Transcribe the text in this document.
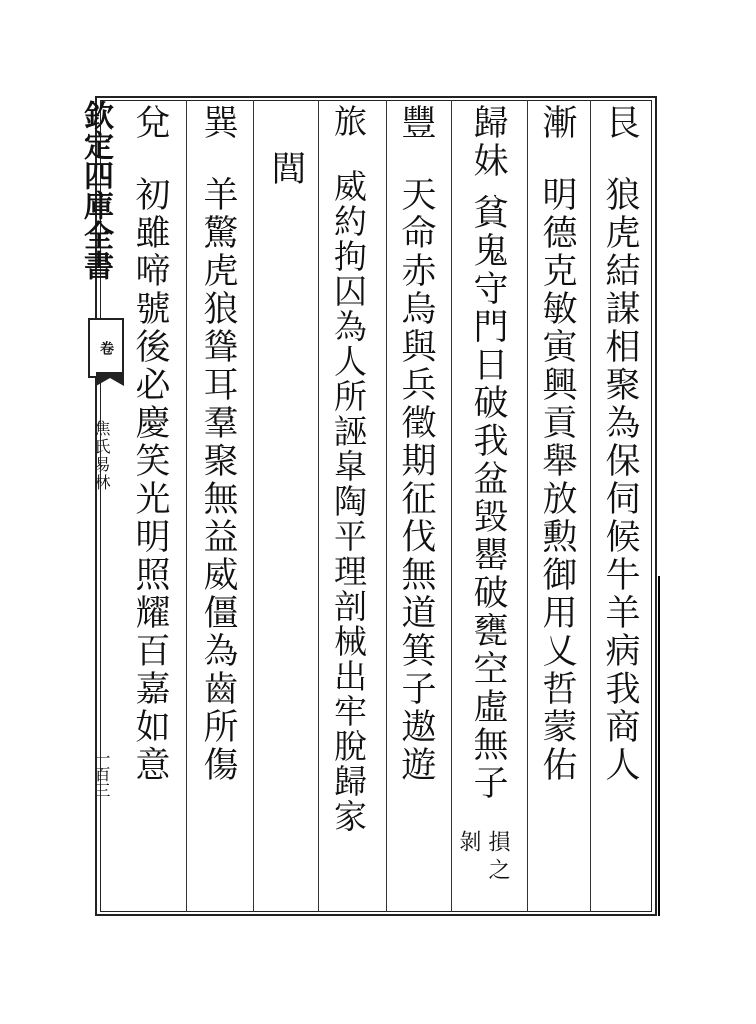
欽定四庫全書
卷
焦氏易林
一百三
艮狼虎結謀相聚為保伺候牛羊病我商人
漸明德克敏寅興貢舉放勲御用乂哲蒙佑
歸妹貧鬼守門日破我盆毀罌破甕空虛無子
損之
剝
豐天命赤烏與兵徵期征伐無道箕子遨遊
旅威約拘囚為人所誣皐陶平理剖械出牢脫歸家
閭
巽羊驚虎狼聳耳羣聚無益威僵為齒所傷
兌初雖啼號後必慶笑光明照耀百嘉如意
